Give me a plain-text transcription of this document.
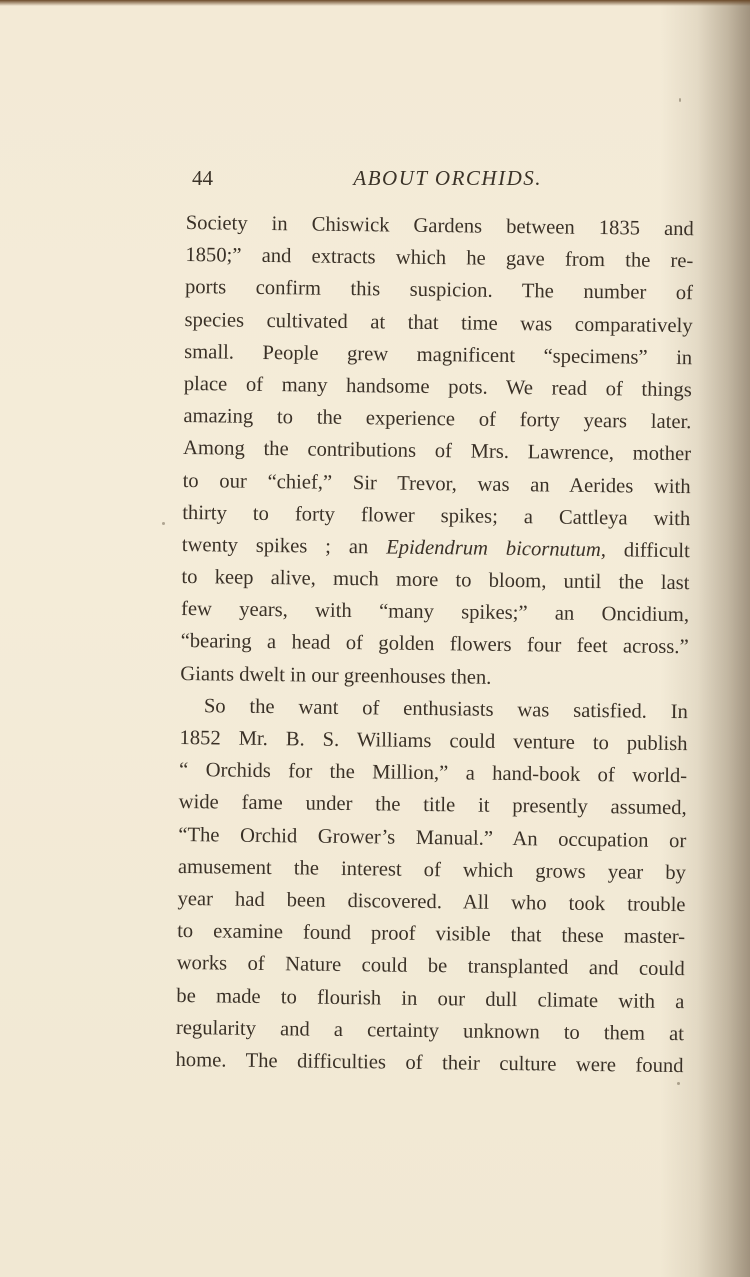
44	ABOUT ORCHIDS.
Society in Chiswick Gardens between 1835 and
1850;” and extracts which he gave from the re-
ports confirm this suspicion. The number of
species cultivated at that time was comparatively
small. People grew magnificent “specimens” in
place of many handsome pots. We read of things
amazing to the experience of forty years later.
Among the contributions of Mrs. Lawrence, mother
to our “chief,” Sir Trevor, was an Aerides with
thirty to forty flower spikes; a Cattleya with
twenty spikes ; an Epidendrum bicornutum, difficult
to keep alive, much more to bloom, until the last
few years, with “many spikes;” an Oncidium,
“bearing a head of golden flowers four feet across.”
Giants dwelt in our greenhouses then.
So the want of enthusiasts was satisfied. In
1852 Mr. B. S. Williams could venture to publish
“ Orchids for the Million,” a hand-book of world-
wide fame under the title it presently assumed,
“The Orchid Grower’s Manual.” An occupation or
amusement the interest of which grows year by
year had been discovered. All who took trouble
to examine found proof visible that these master-
works of Nature could be transplanted and could
be made to flourish in our dull climate with a
regularity and a certainty unknown to them at
home. The difficulties of their culture were found
